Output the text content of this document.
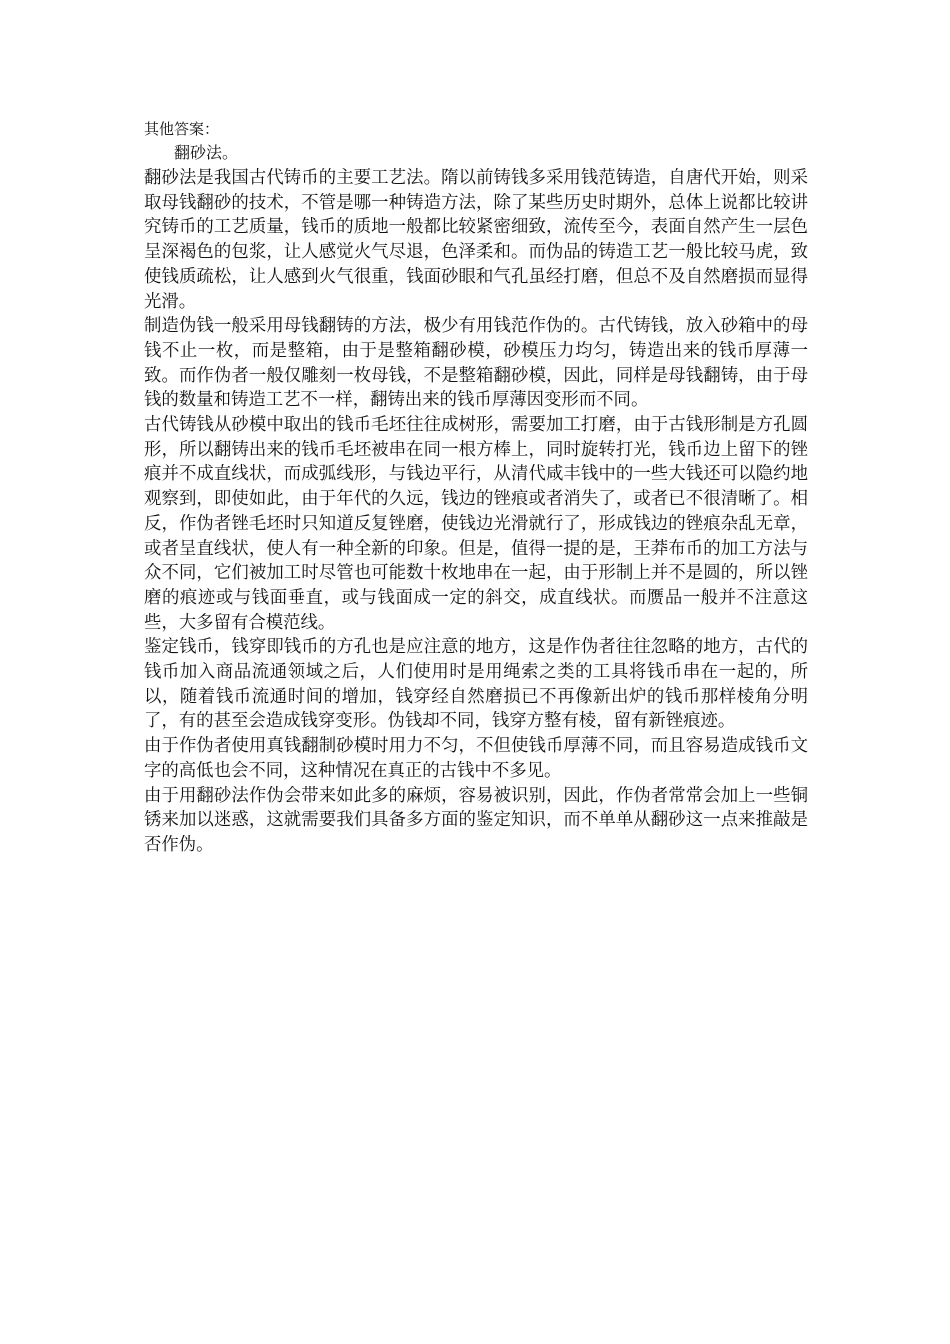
其他答案：

翻砂法。

翻砂法是我国古代铸币的主要工艺法。隋以前铸钱多采用钱范铸造，自唐代开始，则采取母钱翻砂的技术，不管是哪一种铸造方法，除了某些历史时期外，总体上说都比较讲究铸币的工艺质量，钱币的质地一般都比较紧密细致，流传至今，表面自然产生一层色呈深褐色的包浆，让人感觉火气尽退，色泽柔和。而伪品的铸造工艺一般比较马虎，致使钱质疏松，让人感到火气很重，钱面砂眼和气孔虽经打磨，但总不及自然磨损而显得光滑。

制造伪钱一般采用母钱翻铸的方法，极少有用钱范作伪的。古代铸钱，放入砂箱中的母钱不止一枚，而是整箱，由于是整箱翻砂模，砂模压力均匀，铸造出来的钱币厚薄一致。而作伪者一般仅雕刻一枚母钱，不是整箱翻砂模，因此，同样是母钱翻铸，由于母钱的数量和铸造工艺不一样，翻铸出来的钱币厚薄因变形而不同。

古代铸钱从砂模中取出的钱币毛坯往往成树形，需要加工打磨，由于古钱形制是方孔圆形，所以翻铸出来的钱币毛坯被串在同一根方棒上，同时旋转打光，钱币边上留下的锉痕并不成直线状，而成弧线形，与钱边平行，从清代咸丰钱中的一些大钱还可以隐约地观察到，即使如此，由于年代的久远，钱边的锉痕或者消失了，或者已不很清晰了。相反，作伪者锉毛坯时只知道反复锉磨，使钱边光滑就行了，形成钱边的锉痕杂乱无章，或者呈直线状，使人有一种全新的印象。但是，值得一提的是，王莽布币的加工方法与众不同，它们被加工时尽管也可能数十枚地串在一起，由于形制上并不是圆的，所以锉磨的痕迹或与钱面垂直，或与钱面成一定的斜交，成直线状。而赝品一般并不注意这些，大多留有合模范线。

鉴定钱币，钱穿即钱币的方孔也是应注意的地方，这是作伪者往往忽略的地方，古代的钱币加入商品流通领域之后，人们使用时是用绳索之类的工具将钱币串在一起的，所以，随着钱币流通时间的增加，钱穿经自然磨损已不再像新出炉的钱币那样棱角分明了，有的甚至会造成钱穿变形。伪钱却不同，钱穿方整有棱，留有新锉痕迹。

由于作伪者使用真钱翻制砂模时用力不匀，不但使钱币厚薄不同，而且容易造成钱币文字的高低也会不同，这种情况在真正的古钱中不多见。

由于用翻砂法作伪会带来如此多的麻烦，容易被识别，因此，作伪者常常会加上一些铜锈来加以迷惑，这就需要我们具备多方面的鉴定知识，而不单单从翻砂这一点来推敲是否作伪。
